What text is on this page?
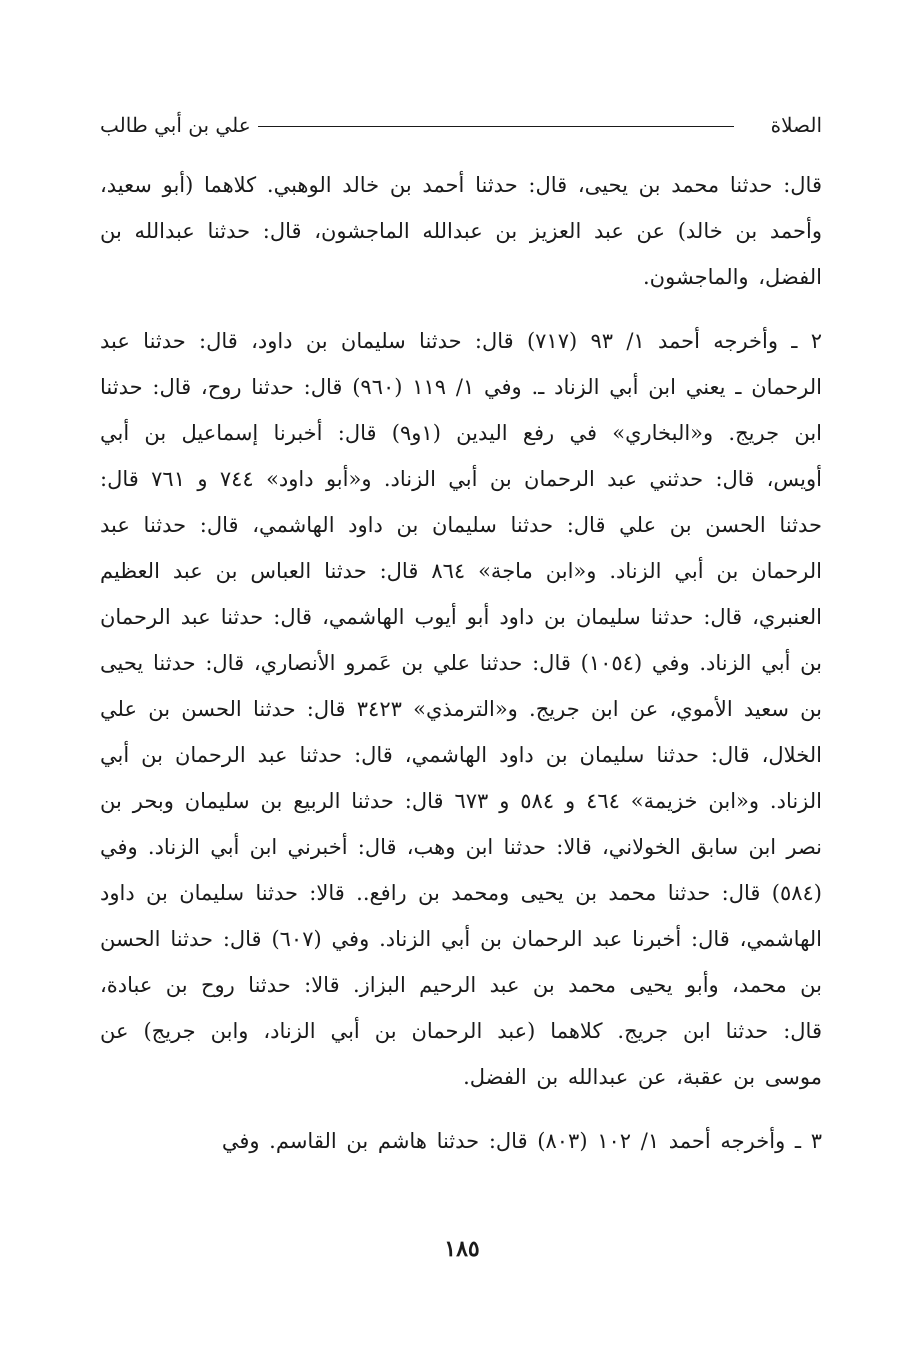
الصلاة
علي بن أبي طالب

قال: حدثنا محمد بن يحيى، قال: حدثنا أحمد بن خالد الوهبي. كلاهما (أبو سعيد، وأحمد بن خالد) عن عبد العزيز بن عبدالله الماجشون، قال: حدثنا عبدالله بن الفضل، والماجشون.

٢ ـ وأخرجه أحمد ١/ ٩٣ (٧١٧) قال: حدثنا سليمان بن داود، قال: حدثنا عبد الرحمان ـ يعني ابن أبي الزناد ـ. وفي ١/ ١١٩ (٩٦٠) قال: حدثنا روح، قال: حدثنا ابن جريج. و«البخاري» في رفع اليدين (١و٩) قال: أخبرنا إسماعيل بن أبي أويس، قال: حدثني عبد الرحمان بن أبي الزناد. و«أبو داود» ٧٤٤ و ٧٦١ قال: حدثنا الحسن بن علي قال: حدثنا سليمان بن داود الهاشمي، قال: حدثنا عبد الرحمان بن أبي الزناد. و«ابن ماجة» ٨٦٤ قال: حدثنا العباس بن عبد العظيم العنبري، قال: حدثنا سليمان بن داود أبو أيوب الهاشمي، قال: حدثنا عبد الرحمان بن أبي الزناد. وفي (١٠٥٤) قال: حدثنا علي بن عَمرو الأنصاري، قال: حدثنا يحيى بن سعيد الأموي، عن ابن جريج. و«الترمذي» ٣٤٢٣ قال: حدثنا الحسن بن علي الخلال، قال: حدثنا سليمان بن داود الهاشمي، قال: حدثنا عبد الرحمان بن أبي الزناد. و«ابن خزيمة» ٤٦٤ و ٥٨٤ و ٦٧٣ قال: حدثنا الربيع بن سليمان وبحر بن نصر ابن سابق الخولاني، قالا: حدثنا ابن وهب، قال: أخبرني ابن أبي الزناد. وفي (٥٨٤) قال: حدثنا محمد بن يحيى ومحمد بن رافع.. قالا: حدثنا سليمان بن داود الهاشمي، قال: أخبرنا عبد الرحمان بن أبي الزناد. وفي (٦٠٧) قال: حدثنا الحسن بن محمد، وأبو يحيى محمد بن عبد الرحيم البزاز. قالا: حدثنا روح بن عبادة، قال: حدثنا ابن جريج. كلاهما (عبد الرحمان بن أبي الزناد، وابن جريج) عن موسى بن عقبة، عن عبدالله بن الفضل.

٣ ـ وأخرجه أحمد ١/ ١٠٢ (٨٠٣) قال: حدثنا هاشم بن القاسم. وفي

١٨٥
